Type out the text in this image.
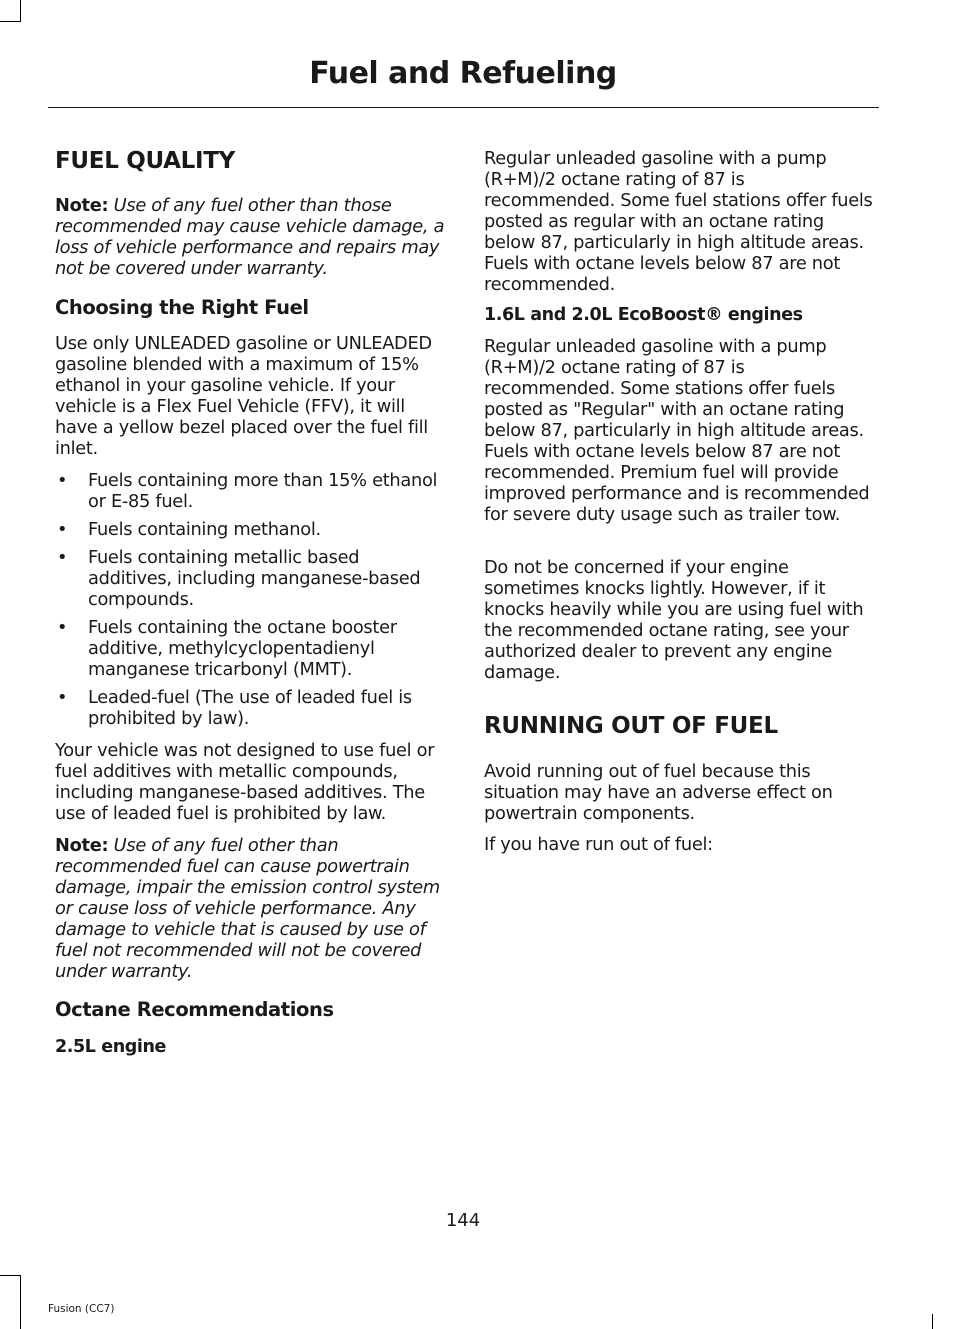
Fuel and Refueling
FUEL QUALITY

Note: Use of any fuel other than those recommended may cause vehicle damage, a loss of vehicle performance and repairs may not be covered under warranty.

Choosing the Right Fuel

Use only UNLEADED gasoline or UNLEADED gasoline blended with a maximum of 15% ethanol in your gasoline vehicle. If your vehicle is a Flex Fuel Vehicle (FFV), it will have a yellow bezel placed over the fuel fill inlet.

• Fuels containing more than 15% ethanol or E-85 fuel.
• Fuels containing methanol.
• Fuels containing metallic based additives, including manganese-based compounds.
• Fuels containing the octane booster additive, methylcyclopentadienyl manganese tricarbonyl (MMT).
• Leaded-fuel (The use of leaded fuel is prohibited by law).

Your vehicle was not designed to use fuel or fuel additives with metallic compounds, including manganese-based additives. The use of leaded fuel is prohibited by law.

Note: Use of any fuel other than recommended fuel can cause powertrain damage, impair the emission control system or cause loss of vehicle performance. Any damage to vehicle that is caused by use of fuel not recommended will not be covered under warranty.

Octane Recommendations
2.5L engine

Regular unleaded gasoline with a pump (R+M)/2 octane rating of 87 is recommended. Some fuel stations offer fuels posted as regular with an octane rating below 87, particularly in high altitude areas. Fuels with octane levels below 87 are not recommended.

1.6L and 2.0L EcoBoost® engines

Regular unleaded gasoline with a pump (R+M)/2 octane rating of 87 is recommended. Some stations offer fuels posted as "Regular" with an octane rating below 87, particularly in high altitude areas. Fuels with octane levels below 87 are not recommended. Premium fuel will provide improved performance and is recommended for severe duty usage such as trailer tow.

Do not be concerned if your engine sometimes knocks lightly. However, if it knocks heavily while you are using fuel with the recommended octane rating, see your authorized dealer to prevent any engine damage.

RUNNING OUT OF FUEL

Avoid running out of fuel because this situation may have an adverse effect on powertrain components.

If you have run out of fuel:

144
Fusion (CC7)
